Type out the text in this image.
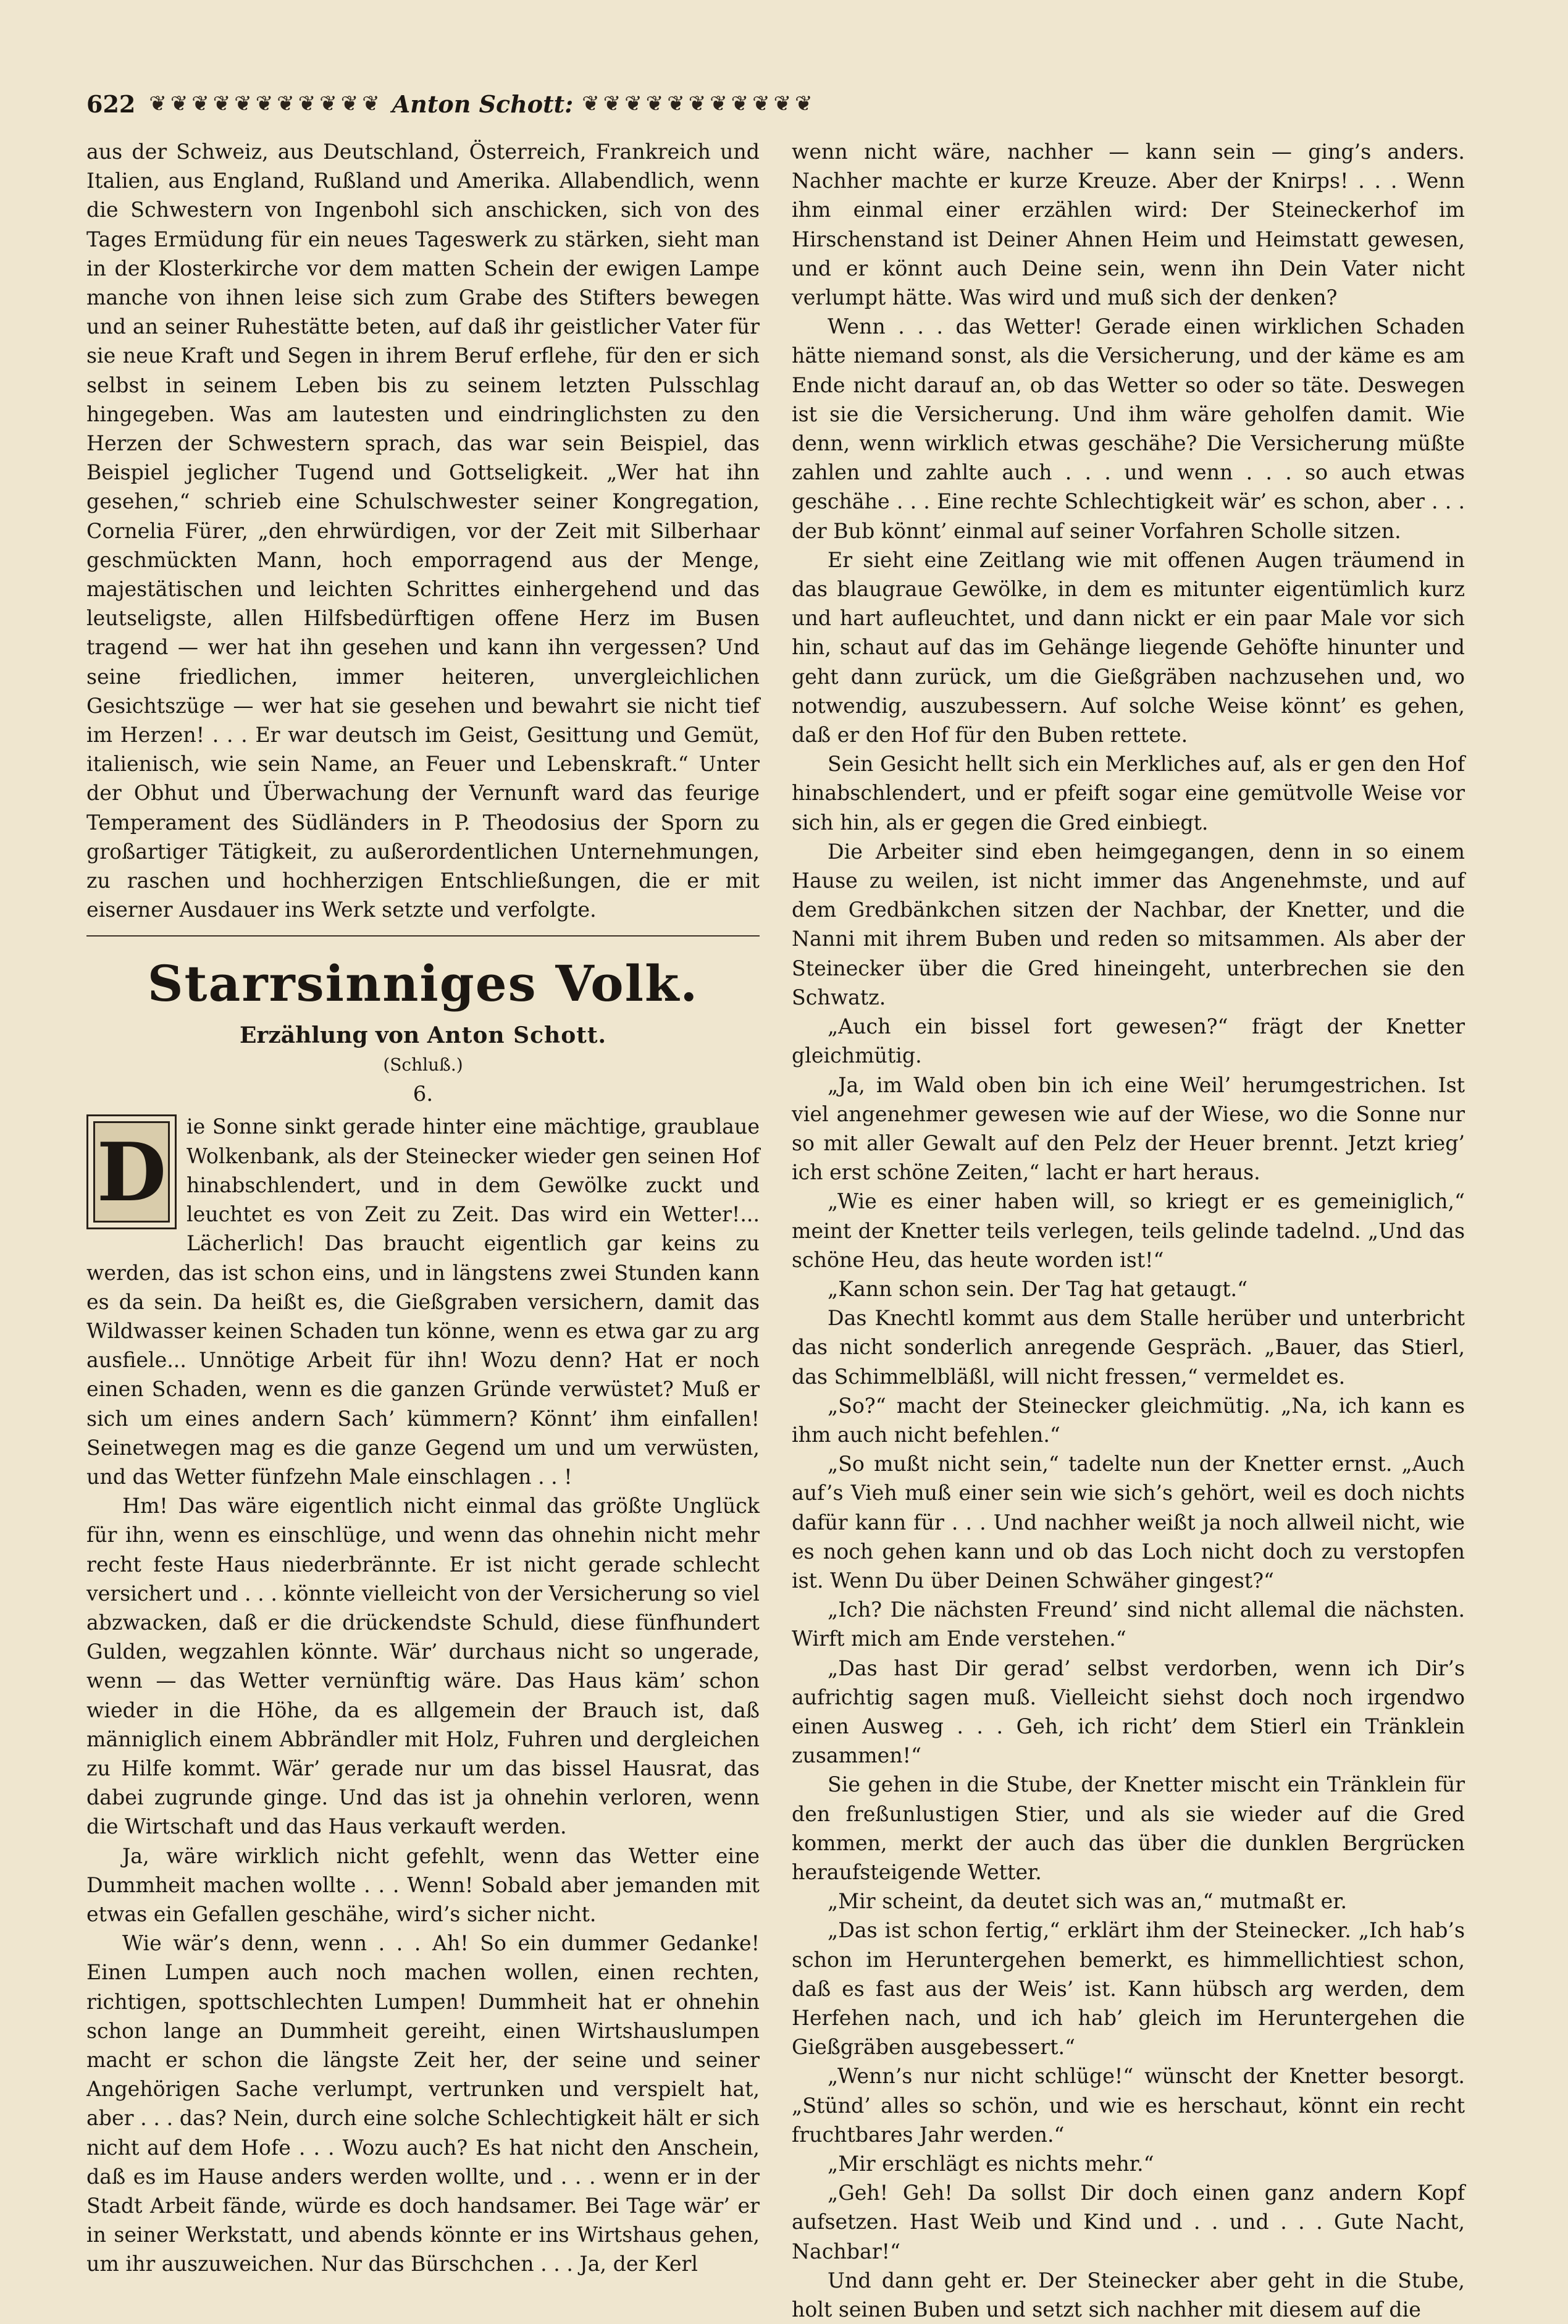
622 ❦❦❦❦❦❦❦❦❦❦❦ Anton Schott: ❦❦❦❦❦❦❦❦❦❦❦

aus der Schweiz, aus Deutschland, Österreich, Frankreich und Italien, aus England, Rußland und Amerika. Allabendlich, wenn die Schwestern von Ingenbohl sich anschicken, sich von des Tages Ermüdung für ein neues Tageswerk zu stärken, sieht man in der Klosterkirche vor dem matten Schein der ewigen Lampe manche von ihnen leise sich zum Grabe des Stifters bewegen und an seiner Ruhestätte beten, auf daß ihr geistlicher Vater für sie neue Kraft und Segen in ihrem Beruf erflehe, für den er sich selbst in seinem Leben bis zu seinem letzten Pulsschlag hingegeben. Was am lautesten und eindringlichsten zu den Herzen der Schwestern sprach, das war sein Beispiel, das Beispiel jeglicher Tugend und Gottseligkeit. „Wer hat ihn gesehen,“ schrieb eine Schulschwester seiner Kongregation, Cornelia Fürer, „den ehrwürdigen, vor der Zeit mit Silberhaar geschmückten Mann, hoch emporragend aus der Menge, majestätischen und leichten Schrittes einhergehend und das leutseligste, allen Hilfsbedürftigen offene Herz im Busen tragend — wer hat ihn gesehen und kann ihn vergessen? Und seine friedlichen, immer heiteren, unvergleichlichen Gesichtszüge — wer hat sie gesehen und bewahrt sie nicht tief im Herzen! . . . Er war deutsch im Geist, Gesittung und Gemüt, italienisch, wie sein Name, an Feuer und Lebenskraft.“ Unter der Obhut und Überwachung der Vernunft ward das feurige Temperament des Südländers in P. Theodosius der Sporn zu großartiger Tätigkeit, zu außerordentlichen Unternehmungen, zu raschen und hochherzigen Entschließungen, die er mit eiserner Ausdauer ins Werk setzte und verfolgte.

Starrsinniges Volk.
Erzählung von Anton Schott.
(Schluß.)
6.

D ie Sonne sinkt gerade hinter eine mächtige, graublaue Wolkenbank, als der Steinecker wieder gen seinen Hof hinabschlendert, und in dem Gewölke zuckt und leuchtet es von Zeit zu Zeit. Das wird ein Wetter!... Lächerlich! Das braucht eigentlich gar keins zu werden, das ist schon eins, und in längstens zwei Stunden kann es da sein. Da heißt es, die Gießgraben versichern, damit das Wildwasser keinen Schaden tun könne, wenn es etwa gar zu arg ausfiele... Unnötige Arbeit für ihn! Wozu denn? Hat er noch einen Schaden, wenn es die ganzen Gründe verwüstet? Muß er sich um eines andern Sach’ kümmern? Könnt’ ihm einfallen! Seinetwegen mag es die ganze Gegend um und um verwüsten, und das Wetter fünfzehn Male einschlagen . . !

Hm! Das wäre eigentlich nicht einmal das größte Unglück für ihn, wenn es einschlüge, und wenn das ohnehin nicht mehr recht feste Haus niederbrännte. Er ist nicht gerade schlecht versichert und . . . könnte vielleicht von der Versicherung so viel abzwacken, daß er die drückendste Schuld, diese fünfhundert Gulden, wegzahlen könnte. Wär’ durchaus nicht so ungerade, wenn — das Wetter vernünftig wäre. Das Haus käm’ schon wieder in die Höhe, da es allgemein der Brauch ist, daß männiglich einem Abbrändler mit Holz, Fuhren und dergleichen zu Hilfe kommt. Wär’ gerade nur um das bissel Hausrat, das dabei zugrunde ginge. Und das ist ja ohnehin verloren, wenn die Wirtschaft und das Haus verkauft werden.

Ja, wäre wirklich nicht gefehlt, wenn das Wetter eine Dummheit machen wollte . . . Wenn! Sobald aber jemanden mit etwas ein Gefallen geschähe, wird’s sicher nicht.

Wie wär’s denn, wenn . . . Ah! So ein dummer Gedanke! Einen Lumpen auch noch machen wollen, einen rechten, richtigen, spottschlechten Lumpen! Dummheit hat er ohnehin schon lange an Dummheit gereiht, einen Wirtshauslumpen macht er schon die längste Zeit her, der seine und seiner Angehörigen Sache verlumpt, vertrunken und verspielt hat, aber . . . das? Nein, durch eine solche Schlechtigkeit hält er sich nicht auf dem Hofe . . . Wozu auch? Es hat nicht den Anschein, daß es im Hause anders werden wollte, und . . . wenn er in der Stadt Arbeit fände, würde es doch handsamer. Bei Tage wär’ er in seiner Werkstatt, und abends könnte er ins Wirtshaus gehen, um ihr auszuweichen. Nur das Bürschchen . . . Ja, der Kerl

wenn nicht wäre, nachher — kann sein — ging’s anders. Nachher machte er kurze Kreuze. Aber der Knirps! . . . Wenn ihm einmal einer erzählen wird: Der Steineckerhof im Hirschenstand ist Deiner Ahnen Heim und Heimstatt gewesen, und er könnt auch Deine sein, wenn ihn Dein Vater nicht verlumpt hätte. Was wird und muß sich der denken?

Wenn . . . das Wetter! Gerade einen wirklichen Schaden hätte niemand sonst, als die Versicherung, und der käme es am Ende nicht darauf an, ob das Wetter so oder so täte. Deswegen ist sie die Versicherung. Und ihm wäre geholfen damit. Wie denn, wenn wirklich etwas geschähe? Die Versicherung müßte zahlen und zahlte auch . . . und wenn . . . so auch etwas geschähe . . . Eine rechte Schlechtigkeit wär’ es schon, aber . . . der Bub könnt’ einmal auf seiner Vorfahren Scholle sitzen.

Er sieht eine Zeitlang wie mit offenen Augen träumend in das blaugraue Gewölke, in dem es mitunter eigentümlich kurz und hart aufleuchtet, und dann nickt er ein paar Male vor sich hin, schaut auf das im Gehänge liegende Gehöfte hinunter und geht dann zurück, um die Gießgräben nachzusehen und, wo notwendig, auszubessern. Auf solche Weise könnt’ es gehen, daß er den Hof für den Buben rettete.

Sein Gesicht hellt sich ein Merkliches auf, als er gen den Hof hinabschlendert, und er pfeift sogar eine gemütvolle Weise vor sich hin, als er gegen die Gred einbiegt.

Die Arbeiter sind eben heimgegangen, denn in so einem Hause zu weilen, ist nicht immer das Angenehmste, und auf dem Gredbänkchen sitzen der Nachbar, der Knetter, und die Nanni mit ihrem Buben und reden so mitsammen. Als aber der Steinecker über die Gred hineingeht, unterbrechen sie den Schwatz.

„Auch ein bissel fort gewesen?“ frägt der Knetter gleichmütig.

„Ja, im Wald oben bin ich eine Weil’ herumgestrichen. Ist viel angenehmer gewesen wie auf der Wiese, wo die Sonne nur so mit aller Gewalt auf den Pelz der Heuer brennt. Jetzt krieg’ ich erst schöne Zeiten,“ lacht er hart heraus.

„Wie es einer haben will, so kriegt er es gemeiniglich,“ meint der Knetter teils verlegen, teils gelinde tadelnd. „Und das schöne Heu, das heute worden ist!“

„Kann schon sein. Der Tag hat getaugt.“

Das Knechtl kommt aus dem Stalle herüber und unterbricht das nicht sonderlich anregende Gespräch. „Bauer, das Stierl, das Schimmelbläßl, will nicht fressen,“ vermeldet es.

„So?“ macht der Steinecker gleichmütig. „Na, ich kann es ihm auch nicht befehlen.“

„So mußt nicht sein,“ tadelte nun der Knetter ernst. „Auch auf’s Vieh muß einer sein wie sich’s gehört, weil es doch nichts dafür kann für . . . Und nachher weißt ja noch allweil nicht, wie es noch gehen kann und ob das Loch nicht doch zu verstopfen ist. Wenn Du über Deinen Schwäher gingest?“

„Ich? Die nächsten Freund’ sind nicht allemal die nächsten. Wirft mich am Ende verstehen.“

„Das hast Dir gerad’ selbst verdorben, wenn ich Dir’s aufrichtig sagen muß. Vielleicht siehst doch noch irgendwo einen Ausweg . . . Geh, ich richt’ dem Stierl ein Tränklein zusammen!“

Sie gehen in die Stube, der Knetter mischt ein Tränklein für den freßunlustigen Stier, und als sie wieder auf die Gred kommen, merkt der auch das über die dunklen Bergrücken heraufsteigende Wetter.

„Mir scheint, da deutet sich was an,“ mutmaßt er.

„Das ist schon fertig,“ erklärt ihm der Steinecker. „Ich hab’s schon im Heruntergehen bemerkt, es himmellichtiest schon, daß es fast aus der Weis’ ist. Kann hübsch arg werden, dem Herfehen nach, und ich hab’ gleich im Heruntergehen die Gießgräben ausgebessert.“

„Wenn’s nur nicht schlüge!“ wünscht der Knetter besorgt. „Stünd’ alles so schön, und wie es herschaut, könnt ein recht fruchtbares Jahr werden.“

„Mir erschlägt es nichts mehr.“

„Geh! Geh! Da sollst Dir doch einen ganz andern Kopf aufsetzen. Hast Weib und Kind und . . und . . . Gute Nacht, Nachbar!“

Und dann geht er. Der Steinecker aber geht in die Stube, holt seinen Buben und setzt sich nachher mit diesem auf die
